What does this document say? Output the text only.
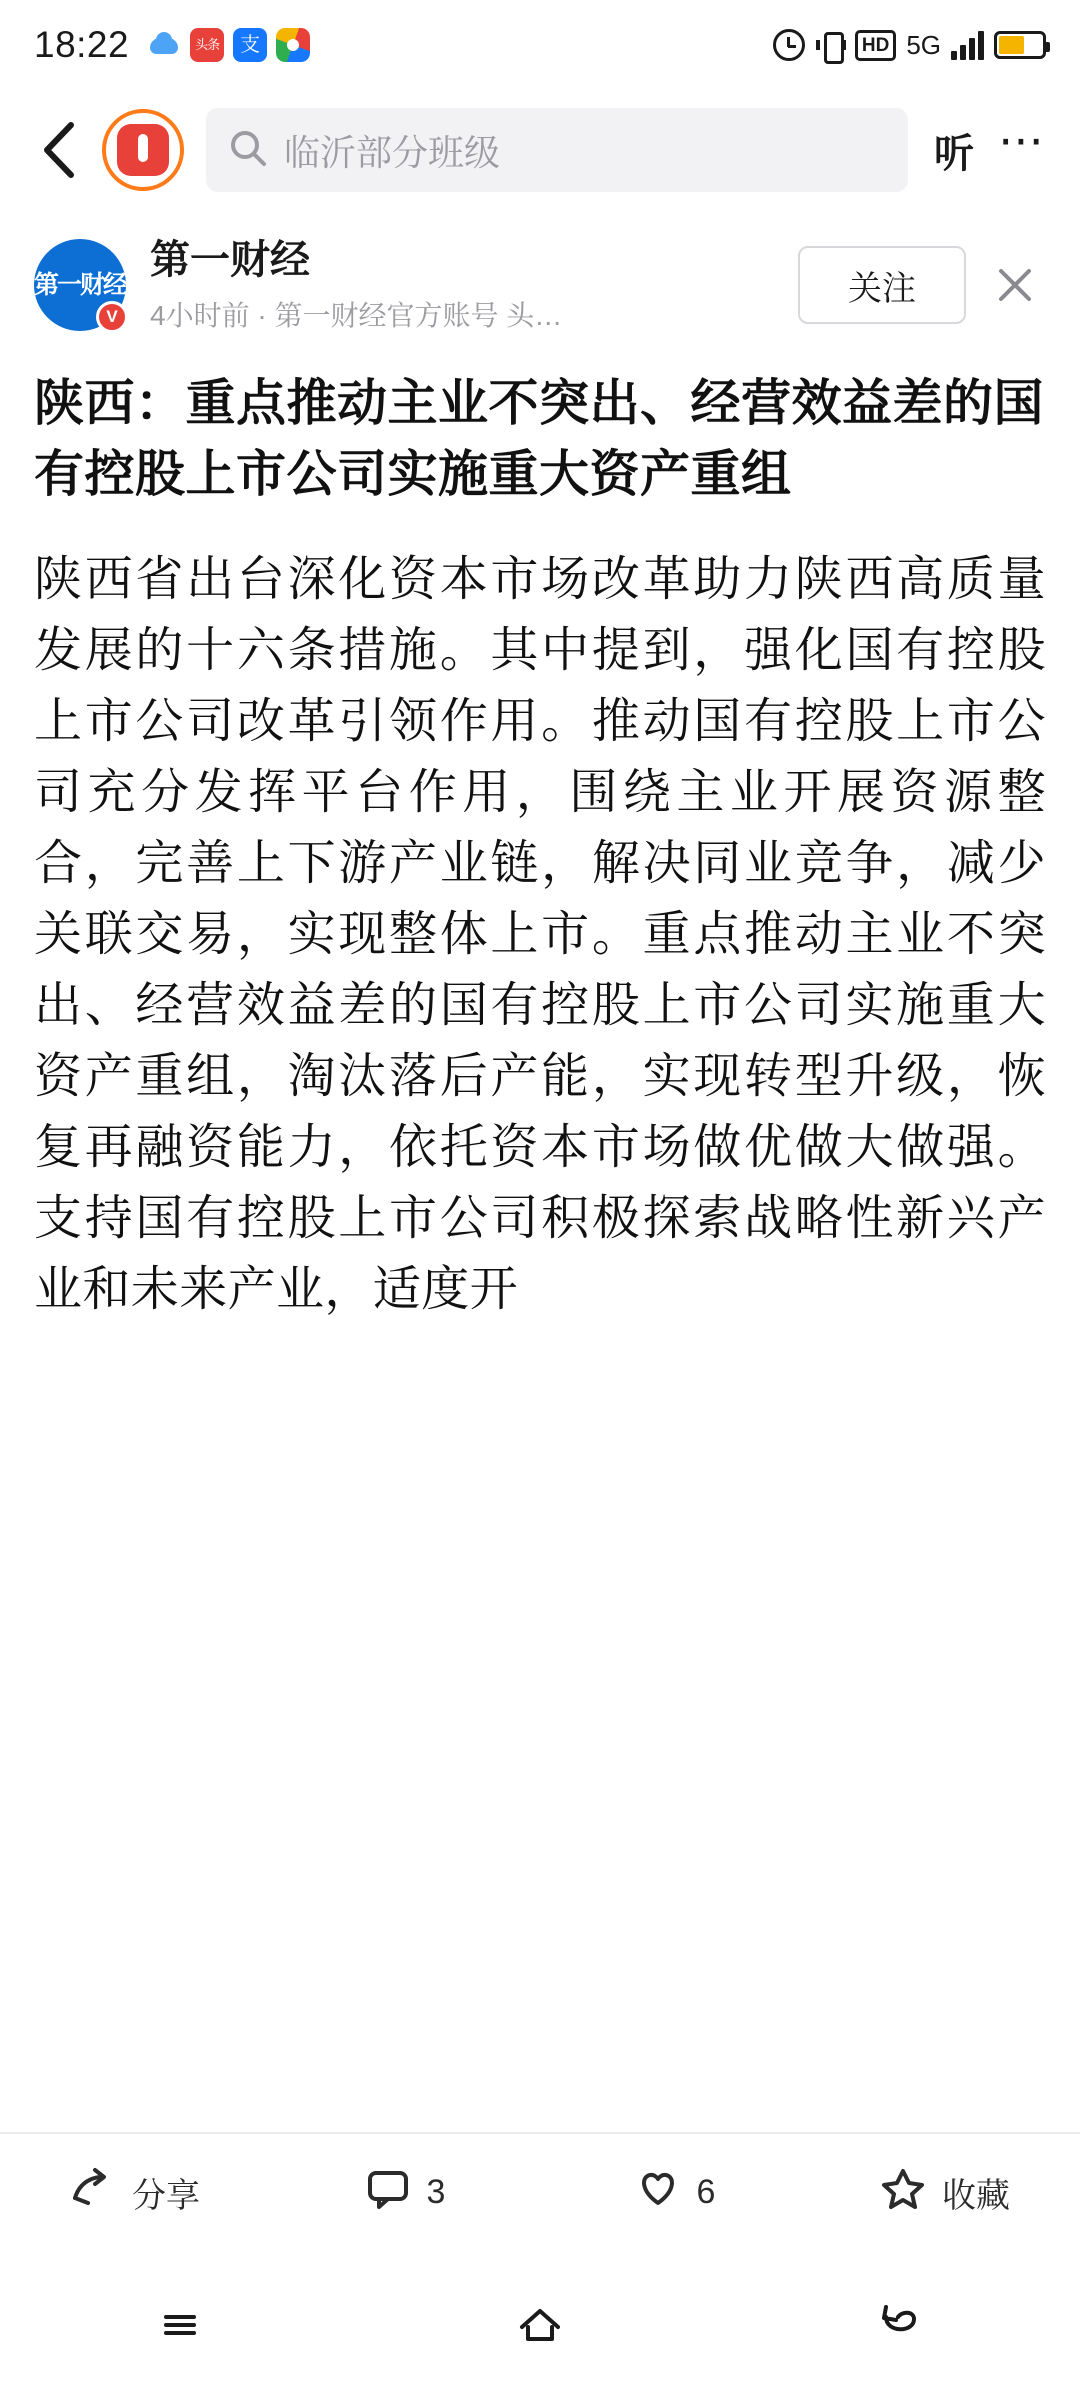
18:22 头条 支	HD 5G
临沂部分班级	听 ⋯
第一财经
V
第一财经
4小时前 · 第一财经官方账号 头…
关注
陕西：重点推动主业不突出、经营效益差的国有控股上市公司实施重大资产重组
陕西省出台深化资本市场改革助力陕西高质量发展的十六条措施。其中提到，强化国有控股上市公司改革引领作用。推动国有控股上市公司充分发挥平台作用，围绕主业开展资源整合，完善上下游产业链，解决同业竞争，减少关联交易，实现整体上市。重点推动主业不突出、经营效益差的国有控股上市公司实施重大资产重组，淘汰落后产能，实现转型升级，恢复再融资能力，依托资本市场做优做大做强。支持国有控股上市公司积极探索战略性新兴产业和未来产业，适度开
分享	3	6	收藏
